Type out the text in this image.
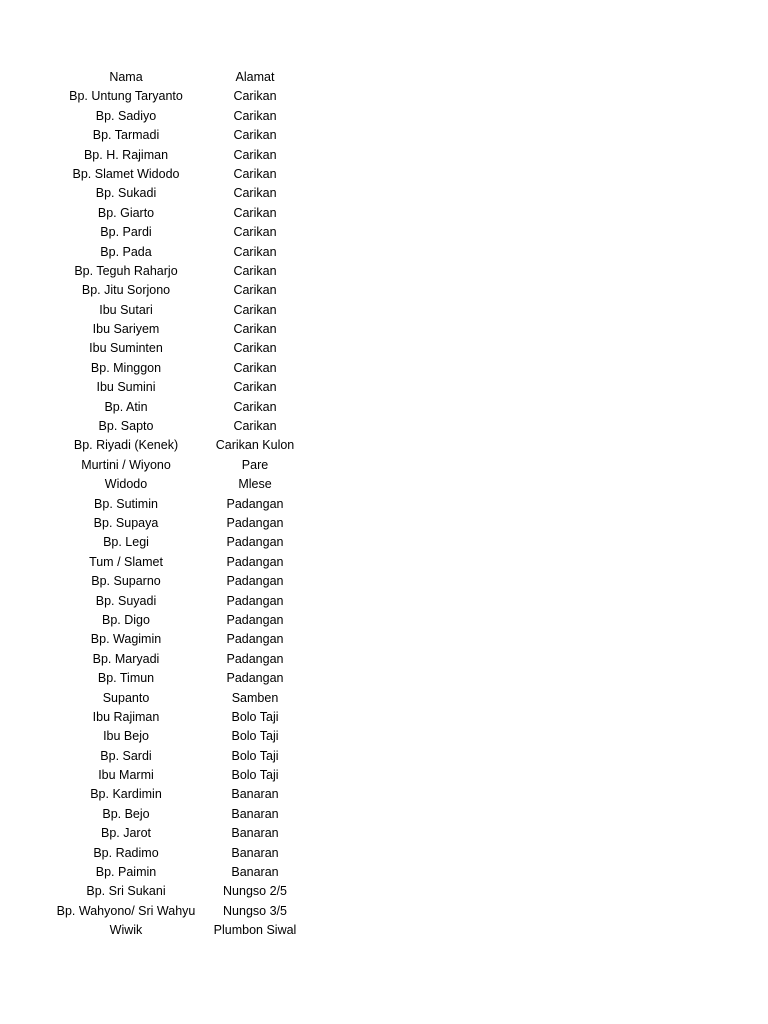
Nama	Alamat
Bp. Untung Taryanto	Carikan
Bp. Sadiyo	Carikan
Bp. Tarmadi	Carikan
Bp. H. Rajiman	Carikan
Bp. Slamet Widodo	Carikan
Bp. Sukadi	Carikan
Bp. Giarto	Carikan
Bp. Pardi	Carikan
Bp. Pada	Carikan
Bp. Teguh Raharjo	Carikan
Bp. Jitu Sorjono	Carikan
Ibu Sutari	Carikan
Ibu Sariyem	Carikan
Ibu Suminten	Carikan
Bp. Minggon	Carikan
Ibu Sumini	Carikan
Bp. Atin	Carikan
Bp. Sapto	Carikan
Bp. Riyadi (Kenek)	Carikan Kulon
Murtini / Wiyono	Pare
Widodo	Mlese
Bp. Sutimin	Padangan
Bp. Supaya	Padangan
Bp. Legi	Padangan
Tum / Slamet	Padangan
Bp. Suparno	Padangan
Bp. Suyadi	Padangan
Bp. Digo	Padangan
Bp. Wagimin	Padangan
Bp. Maryadi	Padangan
Bp. Timun	Padangan
Supanto	Samben
Ibu Rajiman	Bolo Taji
Ibu Bejo	Bolo Taji
Bp. Sardi	Bolo Taji
Ibu Marmi	Bolo Taji
Bp. Kardimin	Banaran
Bp. Bejo	Banaran
Bp. Jarot	Banaran
Bp. Radimo	Banaran
Bp. Paimin	Banaran
Bp. Sri Sukani	Nungso 2/5
Bp. Wahyono/ Sri Wahyu	Nungso 3/5
Wiwik	Plumbon Siwal
